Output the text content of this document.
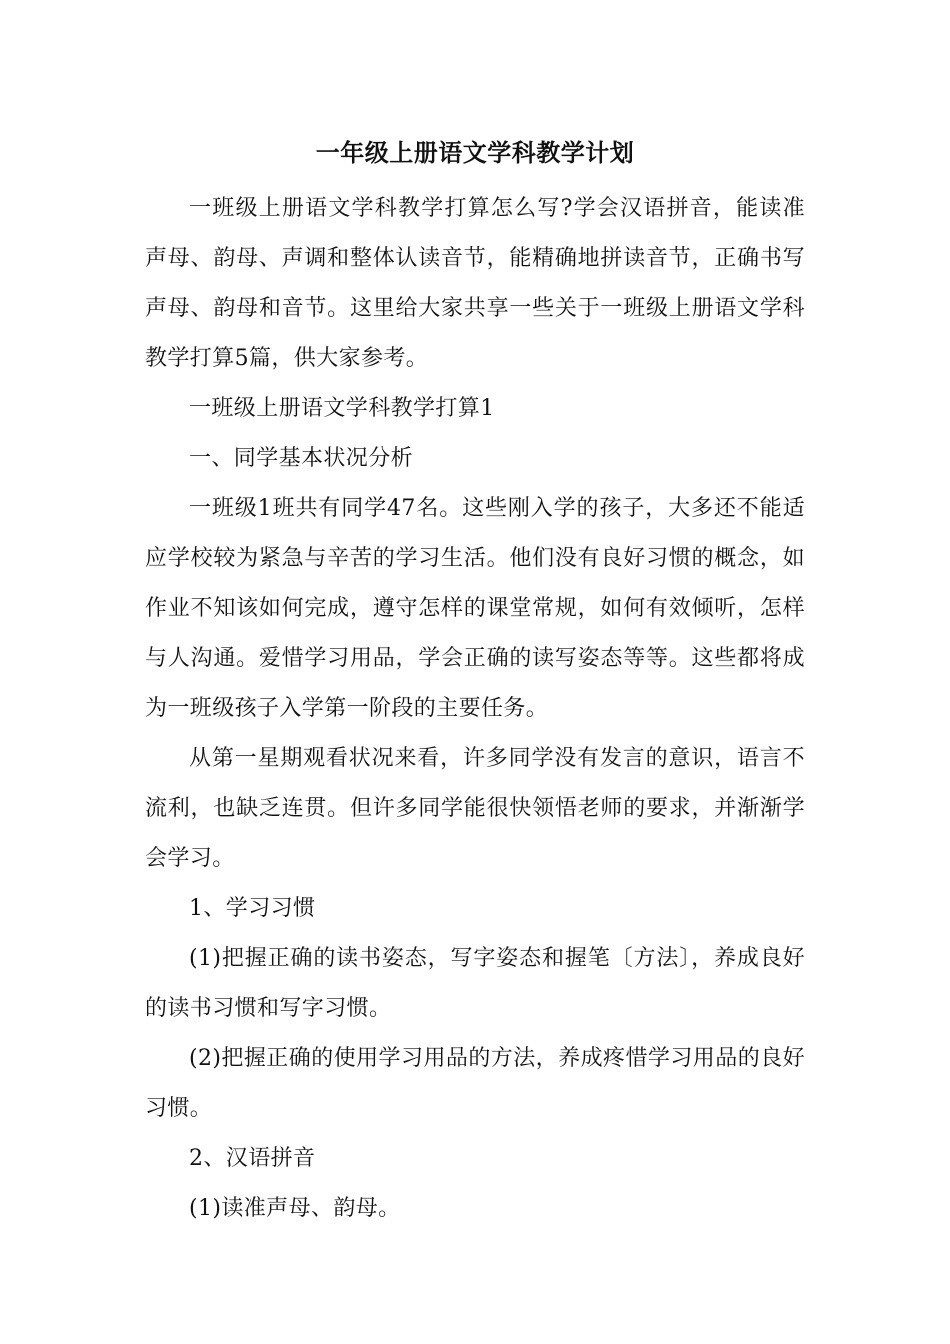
一年级上册语文学科教学计划

一班级上册语文学科教学打算怎么写?学会汉语拼音，能读准声母、韵母、声调和整体认读音节，能精确地拼读音节，正确书写声母、韵母和音节。这里给大家共享一些关于一班级上册语文学科教学打算5篇，供大家参考。

一班级上册语文学科教学打算1

一、同学基本状况分析

一班级1班共有同学47名。这些刚入学的孩子，大多还不能适应学校较为紧急与辛苦的学习生活。他们没有良好习惯的概念，如作业不知该如何完成，遵守怎样的课堂常规，如何有效倾听，怎样与人沟通。爱惜学习用品，学会正确的读写姿态等等。这些都将成为一班级孩子入学第一阶段的主要任务。

从第一星期观看状况来看，许多同学没有发言的意识，语言不流利，也缺乏连贯。但许多同学能很快领悟老师的要求，并渐渐学会学习。

1、学习习惯

(1)把握正确的读书姿态，写字姿态和握笔〔方法〕，养成良好的读书习惯和写字习惯。

(2)把握正确的使用学习用品的方法，养成疼惜学习用品的良好习惯。

2、汉语拼音

(1)读准声母、韵母。
